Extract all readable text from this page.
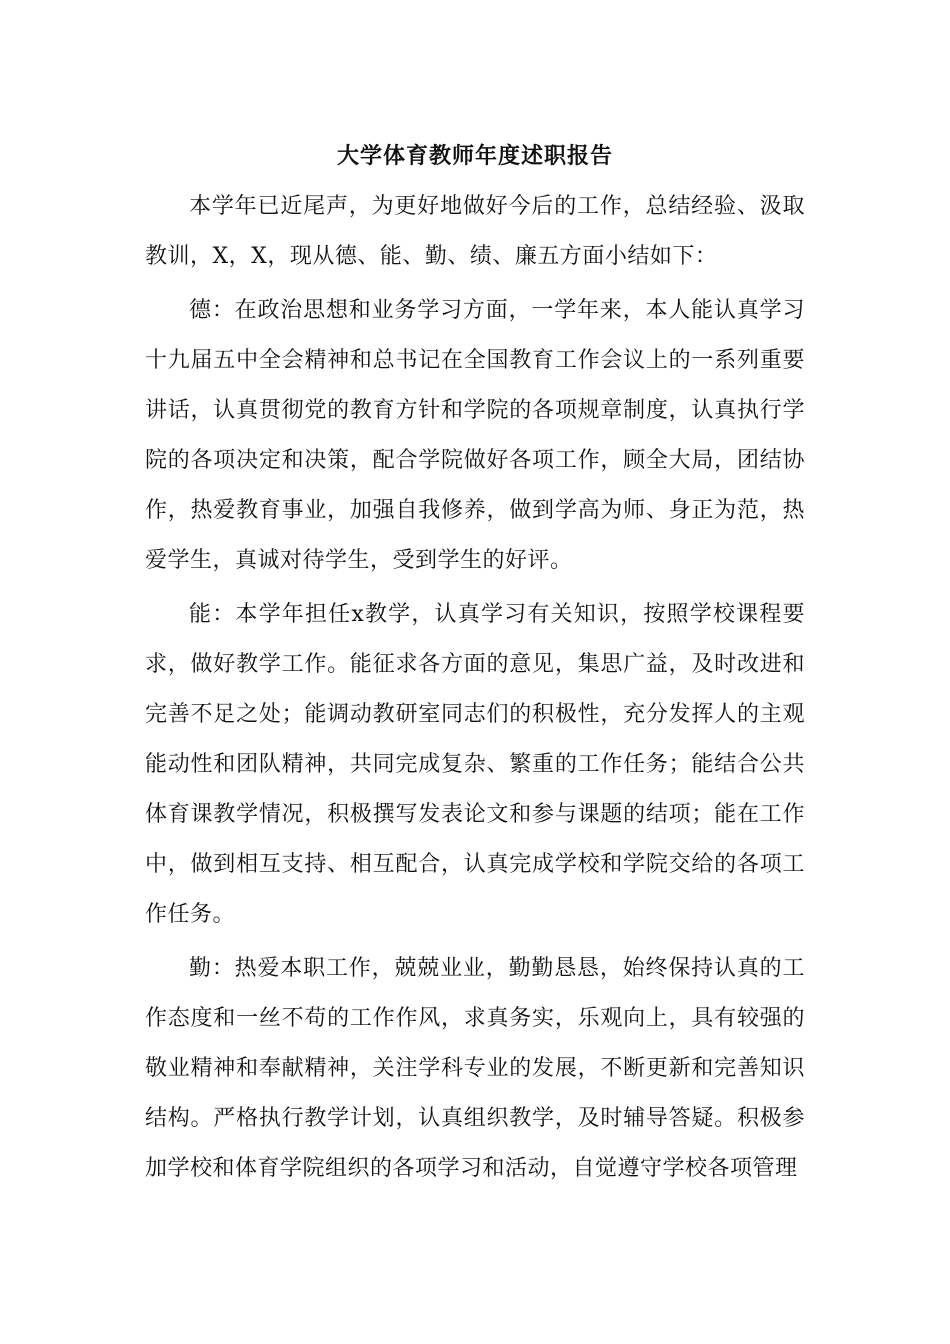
大学体育教师年度述职报告

本学年已近尾声，为更好地做好今后的工作，总结经验、汲取教训，X，X，现从德、能、勤、绩、廉五方面小结如下：

德：在政治思想和业务学习方面，一学年来，本人能认真学习十九届五中全会精神和总书记在全国教育工作会议上的一系列重要讲话，认真贯彻党的教育方针和学院的各项规章制度，认真执行学院的各项决定和决策，配合学院做好各项工作，顾全大局，团结协作，热爱教育事业，加强自我修养，做到学高为师、身正为范，热爱学生，真诚对待学生，受到学生的好评。

能：本学年担任x教学，认真学习有关知识，按照学校课程要求，做好教学工作。能征求各方面的意见，集思广益，及时改进和完善不足之处；能调动教研室同志们的积极性，充分发挥人的主观能动性和团队精神，共同完成复杂、繁重的工作任务；能结合公共体育课教学情况，积极撰写发表论文和参与课题的结项；能在工作中，做到相互支持、相互配合，认真完成学校和学院交给的各项工作任务。

勤：热爱本职工作，兢兢业业，勤勤恳恳，始终保持认真的工作态度和一丝不苟的工作作风，求真务实，乐观向上，具有较强的敬业精神和奉献精神，关注学科专业的发展，不断更新和完善知识结构。严格执行教学计划，认真组织教学，及时辅导答疑。积极参加学校和体育学院组织的各项学习和活动，自觉遵守学校各项管理
